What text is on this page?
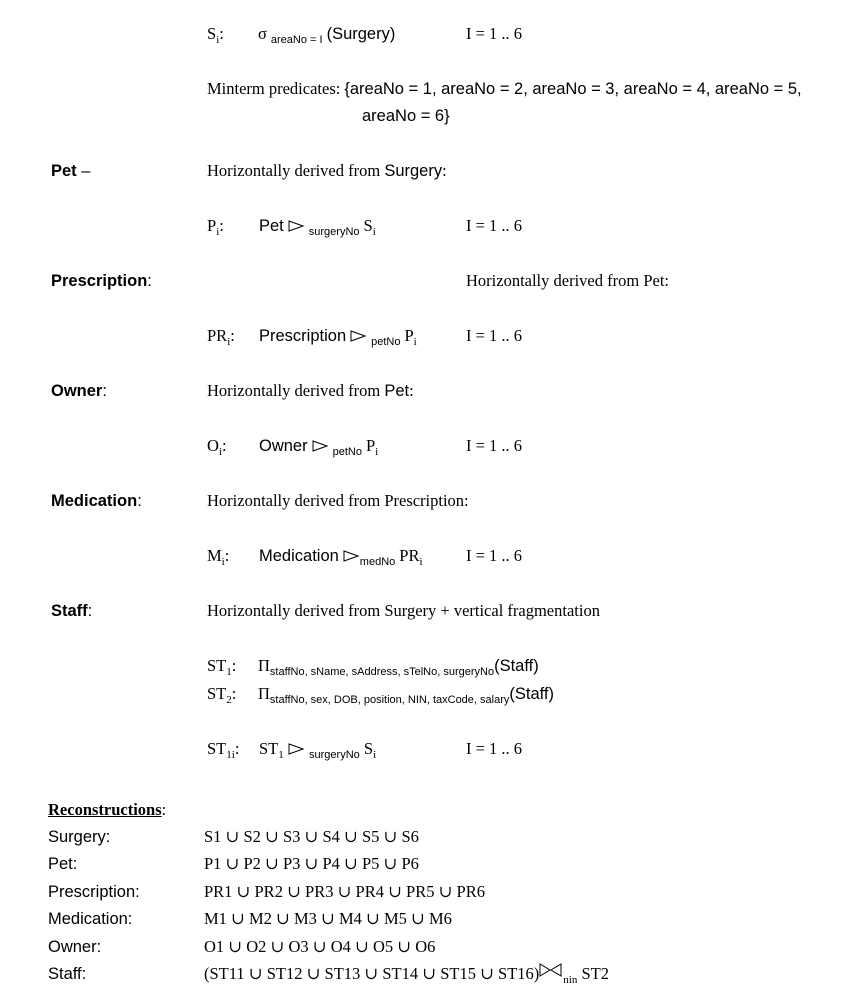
$S_i$: σ $_{areaNo = I}$ (Surgery)	I = 1 .. 6
Minterm predicates: {areaNo = 1, areaNo = 2, areaNo = 3, areaNo = 4, areaNo = 5,
areaNo = 6}
Pet –	Horizontally derived from Surgery:
$P_i$: Pet $_{surgeryNo}$ $S_i$	I = 1 .. 6
Prescription:	Horizontally derived from Pet:
$PR_i$: Prescription $_{petNo}$ $P_i$	I = 1 .. 6
Owner:	Horizontally derived from Pet:
$O_i$: Owner $_{petNo}$ $P_i$	I = 1 .. 6
Medication:	Horizontally derived from Prescription:
$M_i$: Medication $_{medNo}$ $PR_i$	I = 1 .. 6
Staff:	Horizontally derived from Surgery + vertical fragmentation
$ST_1$: $\Pi_{staffNo, sName, sAddress, sTelNo, surgeryNo}(Staff)$
$ST_2$: $\Pi_{staffNo, sex, DOB, position, NIN, taxCode, salary}(Staff)$
$ST_{1i}$: $ST_1$ $_{surgeryNo}$ $S_i$	I = 1 .. 6
Reconstructions:
Surgery:	S1 ∪ S2 ∪ S3 ∪ S4 ∪ S5 ∪ S6
Pet:	P1 ∪ P2 ∪ P3 ∪ P4 ∪ P5 ∪ P6
Prescription:	PR1 ∪ PR2 ∪ PR3 ∪ PR4 ∪ PR5 ∪ PR6
Medication:	M1 ∪ M2 ∪ M3 ∪ M4 ∪ M5 ∪ M6
Owner:	O1 ∪ O2 ∪ O3 ∪ O4 ∪ O5 ∪ O6
Staff:	(ST11 ∪ ST12 ∪ ST13 ∪ ST14 ∪ ST15 ∪ ST16) $_{nin}$ ST2
